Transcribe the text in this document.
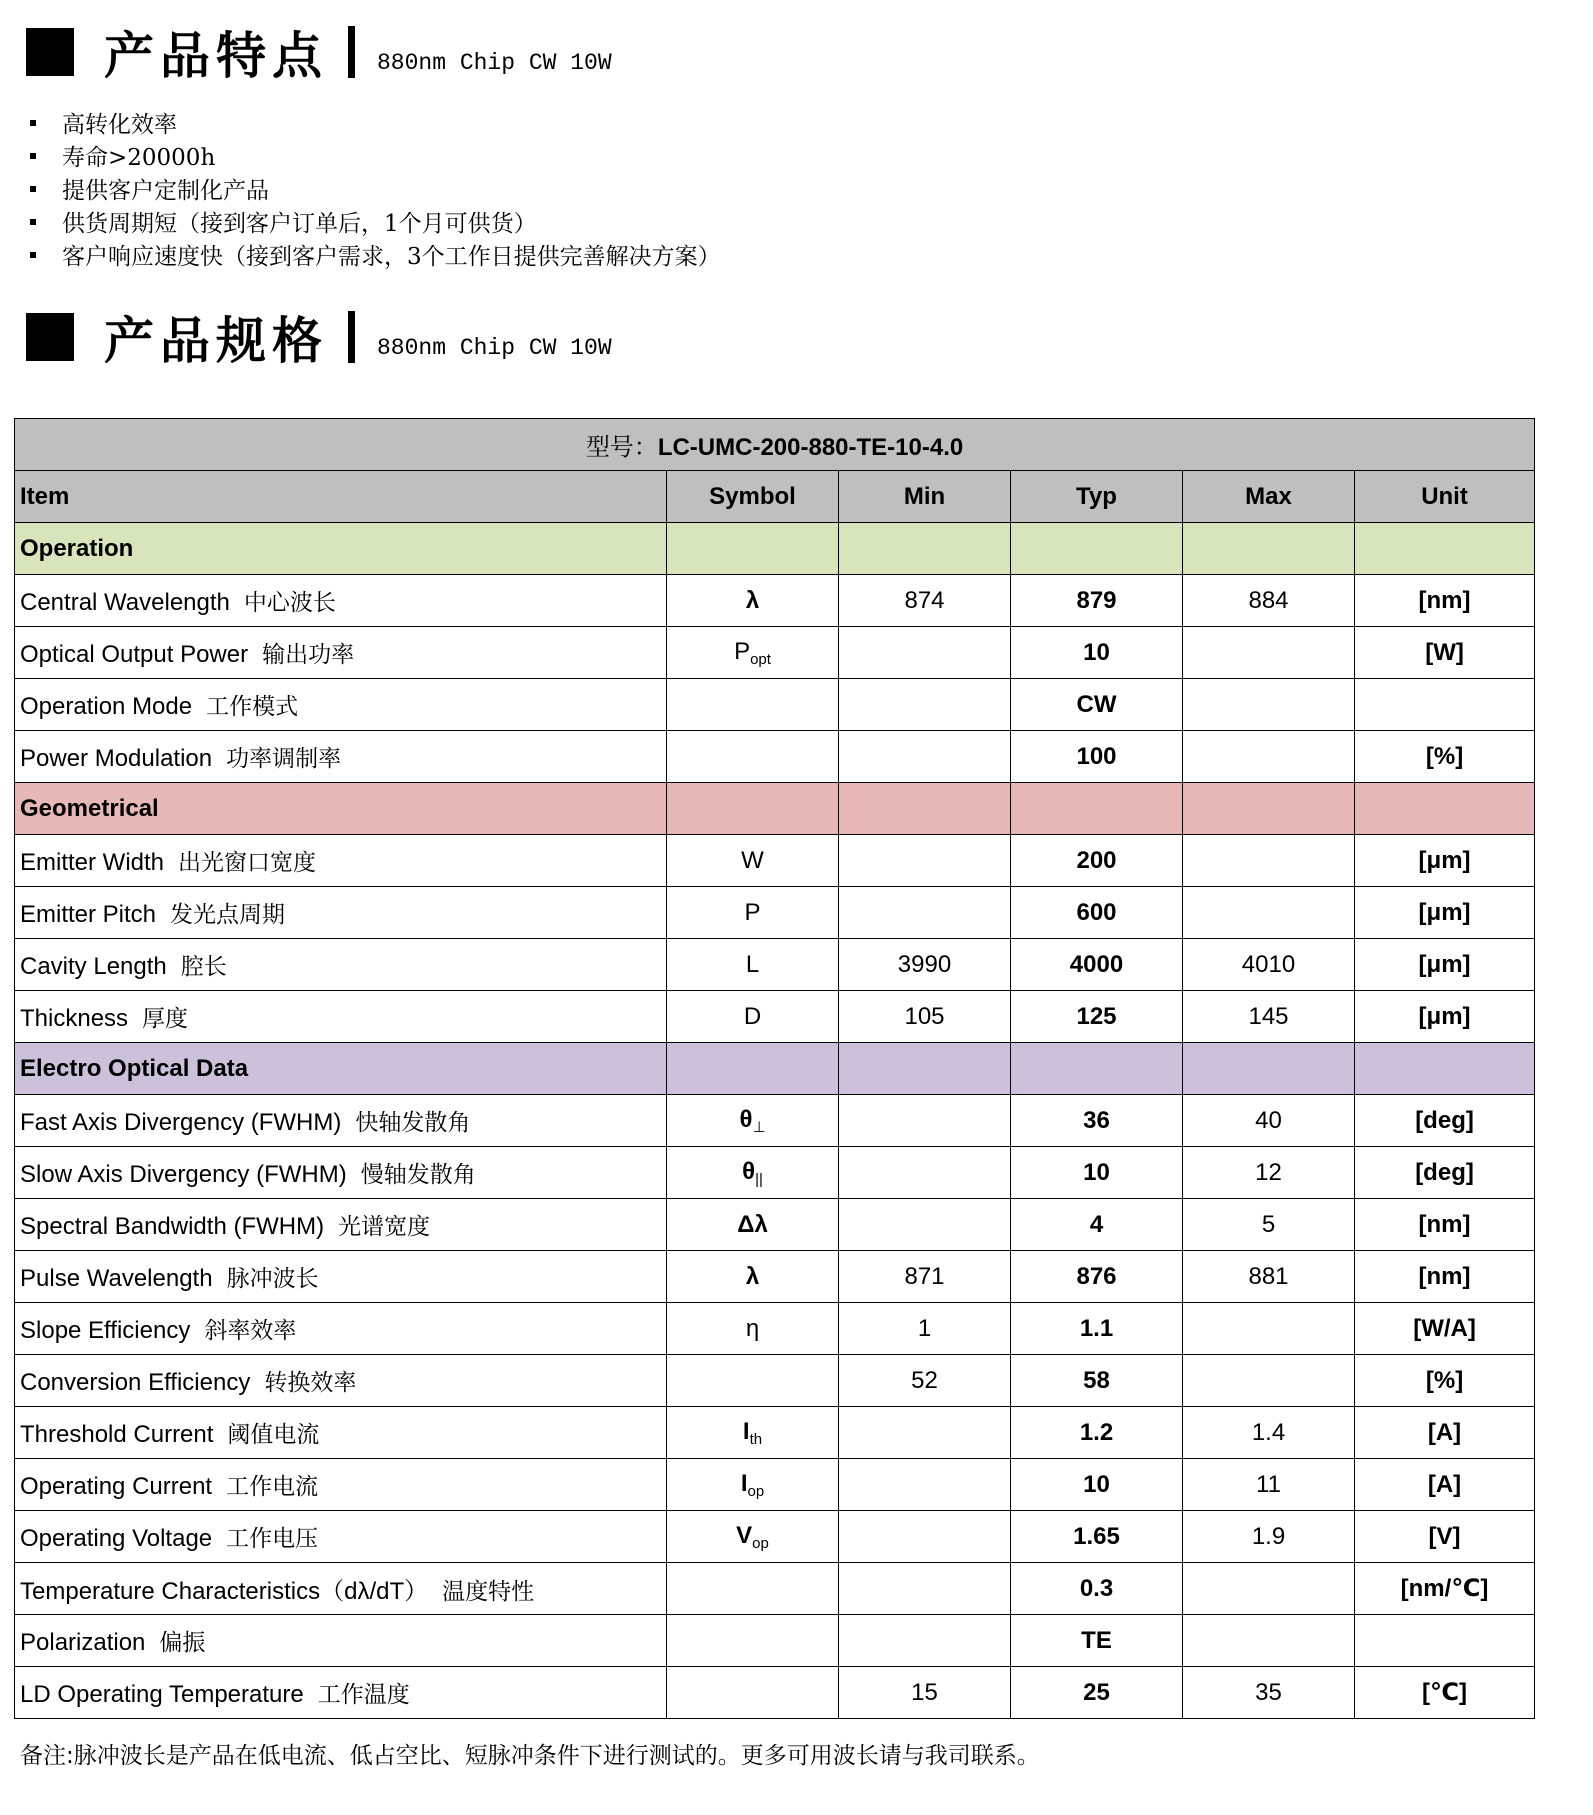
产品特点 880nm Chip CW 10W
高转化效率
寿命>20000h
提供客户定制化产品
供货周期短（接到客户订单后，1个月可供货）
客户响应速度快（接到客户需求，3个工作日提供完善解决方案）
产品规格 880nm Chip CW 10W
型号：LC-UMC-200-880-TE-10-4.0					
Item	Symbol	Min	Typ	Max	Unit
Operation					
Central Wavelength 中心波长	λ	874	879	884	[nm]
Optical Output Power 输出功率	$P_{opt}$		10		[W]
Operation Mode 工作模式			CW		
Power Modulation 功率调制率			100		[%]
Geometrical					
Emitter Width 出光窗口宽度	W		200		[μm]
Emitter Pitch 发光点周期	P		600		[μm]
Cavity Length 腔长	L	3990	4000	4010	[μm]
Thickness 厚度	D	105	125	145	[μm]
Electro Optical Data					
Fast Axis Divergency (FWHM) 快轴发散角	$\theta_\perp$		36	40	[deg]
Slow Axis Divergency (FWHM) 慢轴发散角	$\theta_{||}$		10	12	[deg]
Spectral Bandwidth (FWHM) 光谱宽度	Δλ		4	5	[nm]
Pulse Wavelength 脉冲波长	λ	871	876	881	[nm]
Slope Efficiency 斜率效率	η	1	1.1		[W/A]
Conversion Efficiency 转换效率		52	58		[%]
Threshold Current 阈值电流	$I_{th}$		1.2	1.4	[A]
Operating Current 工作电流	$I_{op}$		10	11	[A]
Operating Voltage 工作电压	$V_{op}$		1.65	1.9	[V]
Temperature Characteristics（dλ/dT） 温度特性			0.3		[nm/℃]
Polarization 偏振			TE		
LD Operating Temperature 工作温度		15	25	35	[℃]
备注:脉冲波长是产品在低电流、低占空比、短脉冲条件下进行测试的。更多可用波长请与我司联系。
